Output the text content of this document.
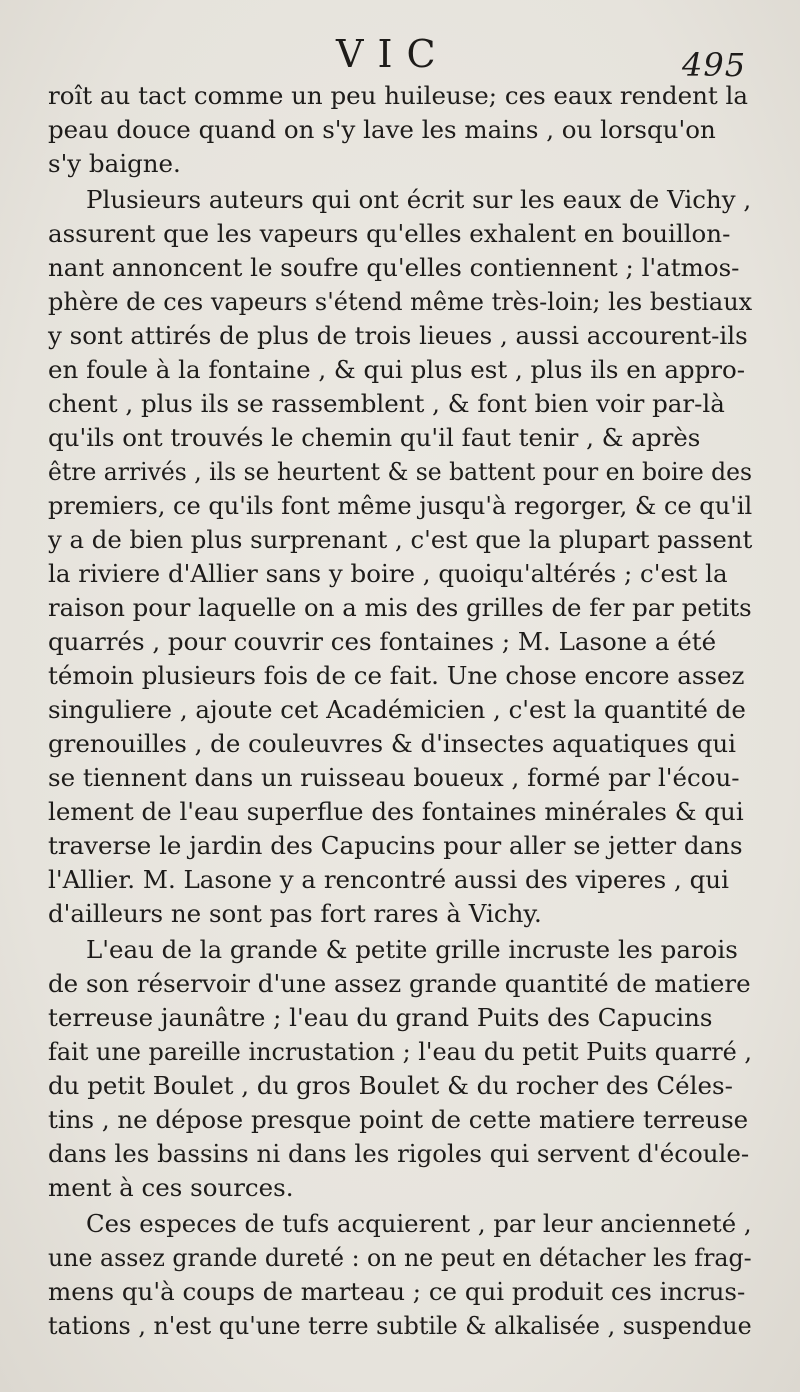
VIC	495
roît au tact comme un peu huileuse; ces eaux rendent la
peau douce quand on s'y lave les mains , ou lorsqu'on
s'y baigne.
Plusieurs auteurs qui ont écrit sur les eaux de Vichy ,
assurent que les vapeurs qu'elles exhalent en bouillon-
nant annoncent le soufre qu'elles contiennent ; l'atmos-
phère de ces vapeurs s'étend même très-loin; les bestiaux
y sont attirés de plus de trois lieues , aussi accourent-ils
en foule à la fontaine , & qui plus est , plus ils en appro-
chent , plus ils se rassemblent , & font bien voir par-là
qu'ils ont trouvés le chemin qu'il faut tenir , & après
être arrivés , ils se heurtent & se battent pour en boire des
premiers, ce qu'ils font même jusqu'à regorger, & ce qu'il
y a de bien plus surprenant , c'est que la plupart passent
la riviere d'Allier sans y boire , quoiqu'altérés ; c'est la
raison pour laquelle on a mis des grilles de fer par petits
quarrés , pour couvrir ces fontaines ; M. Lasone a été
témoin plusieurs fois de ce fait. Une chose encore assez
singuliere , ajoute cet Académicien , c'est la quantité de
grenouilles , de couleuvres & d'insectes aquatiques qui
se tiennent dans un ruisseau boueux , formé par l'écou-
lement de l'eau superflue des fontaines minérales & qui
traverse le jardin des Capucins pour aller se jetter dans
l'Allier. M. Lasone y a rencontré aussi des viperes , qui
d'ailleurs ne sont pas fort rares à Vichy.
L'eau de la grande & petite grille incruste les parois
de son réservoir d'une assez grande quantité de matiere
terreuse jaunâtre ; l'eau du grand Puits des Capucins
fait une pareille incrustation ; l'eau du petit Puits quarré ,
du petit Boulet , du gros Boulet & du rocher des Céles-
tins , ne dépose presque point de cette matiere terreuse
dans les bassins ni dans les rigoles qui servent d'écoule-
ment à ces sources.
Ces especes de tufs acquierent , par leur ancienneté ,
une assez grande dureté : on ne peut en détacher les frag-
mens qu'à coups de marteau ; ce qui produit ces incrus-
tations , n'est qu'une terre subtile & alkalisée , suspendue
